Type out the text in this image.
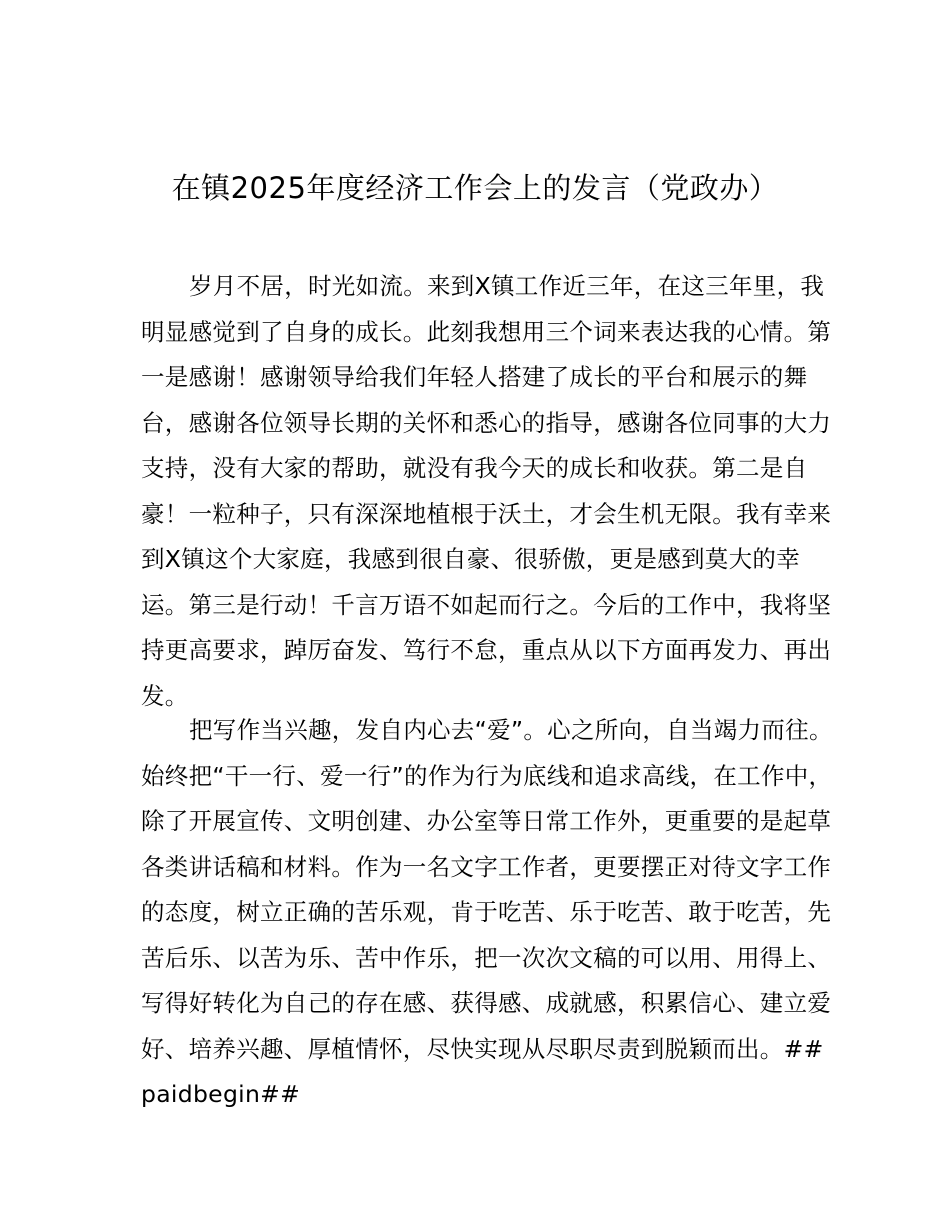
在镇2025年度经济工作会上的发言（党政办）

岁月不居，时光如流。来到X镇工作近三年，在这三年里，我明显感觉到了自身的成长。此刻我想用三个词来表达我的心情。第一是感谢！感谢领导给我们年轻人搭建了成长的平台和展示的舞台，感谢各位领导长期的关怀和悉心的指导，感谢各位同事的大力支持，没有大家的帮助，就没有我今天的成长和收获。第二是自豪！一粒种子，只有深深地植根于沃土，才会生机无限。我有幸来到X镇这个大家庭，我感到很自豪、很骄傲，更是感到莫大的幸运。第三是行动！千言万语不如起而行之。今后的工作中，我将坚持更高要求，踔厉奋发、笃行不怠，重点从以下方面再发力、再出发。

把写作当兴趣，发自内心去“爱”。心之所向，自当竭力而往。始终把“干一行、爱一行”的作为行为底线和追求高线，在工作中，除了开展宣传、文明创建、办公室等日常工作外，更重要的是起草各类讲话稿和材料。作为一名文字工作者，更要摆正对待文字工作的态度，树立正确的苦乐观，肯于吃苦、乐于吃苦、敢于吃苦，先苦后乐、以苦为乐、苦中作乐，把一次次文稿的可以用、用得上、写得好转化为自己的存在感、获得感、成就感，积累信心、建立爱好、培养兴趣、厚植情怀，尽快实现从尽职尽责到脱颖而出。##paidbegin##
